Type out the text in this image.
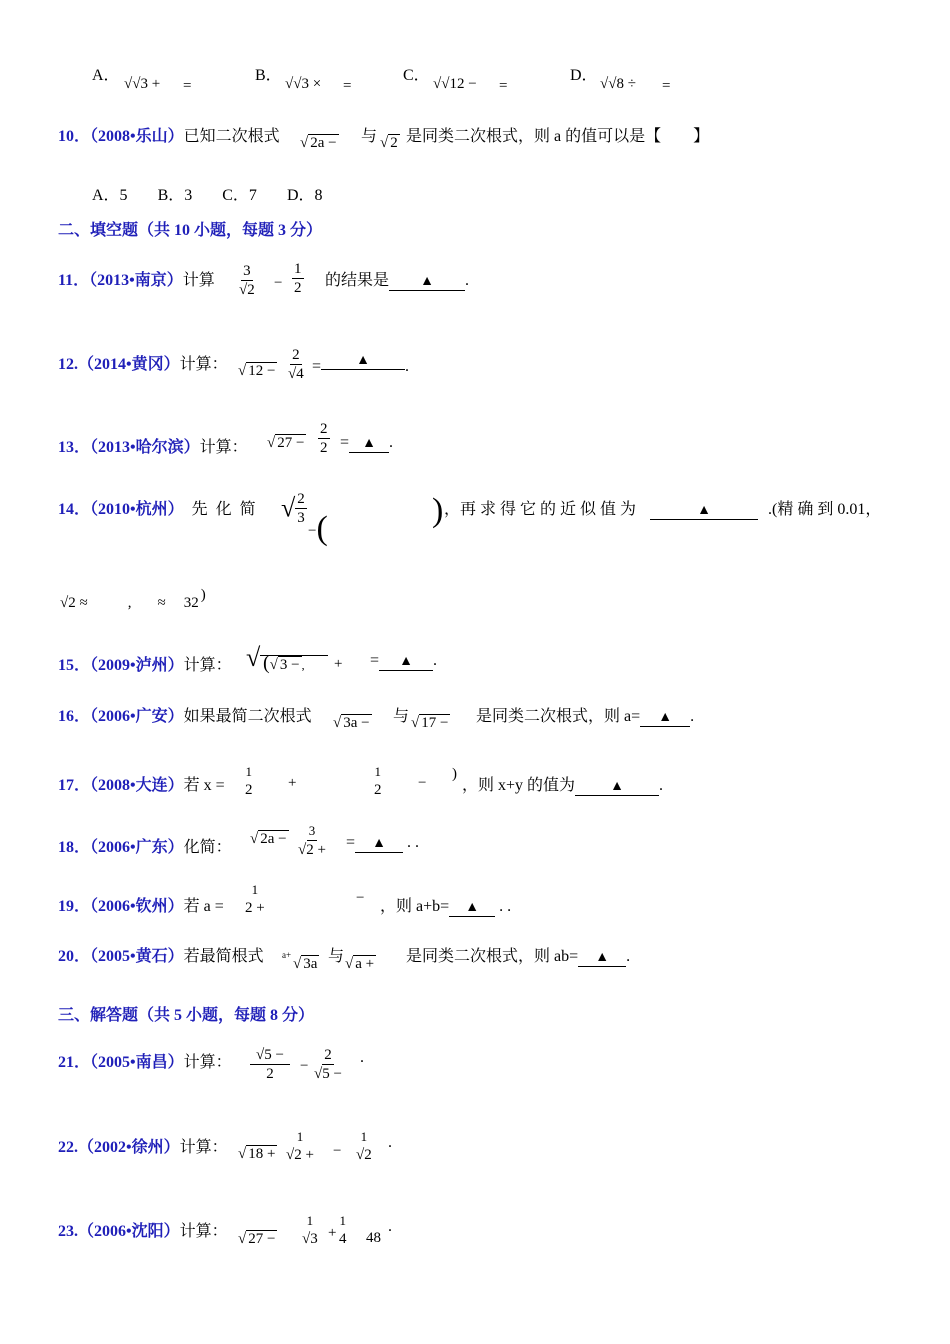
A． √√3 + =
B． √√3 × =
C． √√12 − =
D． √√8 ÷ =
10．（2008•乐山）已知二次根式 √ 2a − 与 √ 2 是同类二次根式，则 a 的值可以是【　　】
A．5 B．3 C．7 D．8
二、填空题（共 10 小题，每题 3 分）
11．（2013•南京）计算 $\frac{3}{√2} - \frac{1}{2}$ 的结果是 ▲ .
12.（2014•黄冈）计算： √ $12 - \frac{2}{√4}$ =	▲ .
13．（2013•哈尔滨）计算： √ $27 - \frac{2}{2}$ = ▲ .
14．（2010•杭州） 先 化 简 √ $\frac{2}{3}$
−(	) ，再 求 得 它 的 近 似 值 为	▲	.(精 确 到 0.01，
√2 ≈	, ≈ 32 )
15．（2009•泸州）计算： √ (√ 3 − , + = ▲ .
16．（2006•广安）如果最简二次根式 √ 3a − 与 √ 17 − 是同类二次根式，则 a= ▲ .
17．（2008•大连）若 x =
1
2 +
1
2 −
)
，则 x+y 的值为	▲ .
18．（2006•广东）化简： √ $2a - \frac{3}{√2 +}$ = ▲ . .
19．（2006•钦州）若 a =
1
2 +
− ，则 a+b= ▲ . .
20．（2005•黄石）若最简根式 a+
√ 3a 与 √ a + 是同类二次根式，则 ab= ▲ .
三、解答题（共 5 小题，每题 8 分）
21．（2005•南昌）计算： $\frac{√5 -}{2} - \frac{2}{√5 -}$ .
22.（2002•徐州）计算： √ 18 +
1
√2 + −
1
√2
.
23.（2006•沈阳）计算： √ 27 −
1
√3 +
1
4 48
.
